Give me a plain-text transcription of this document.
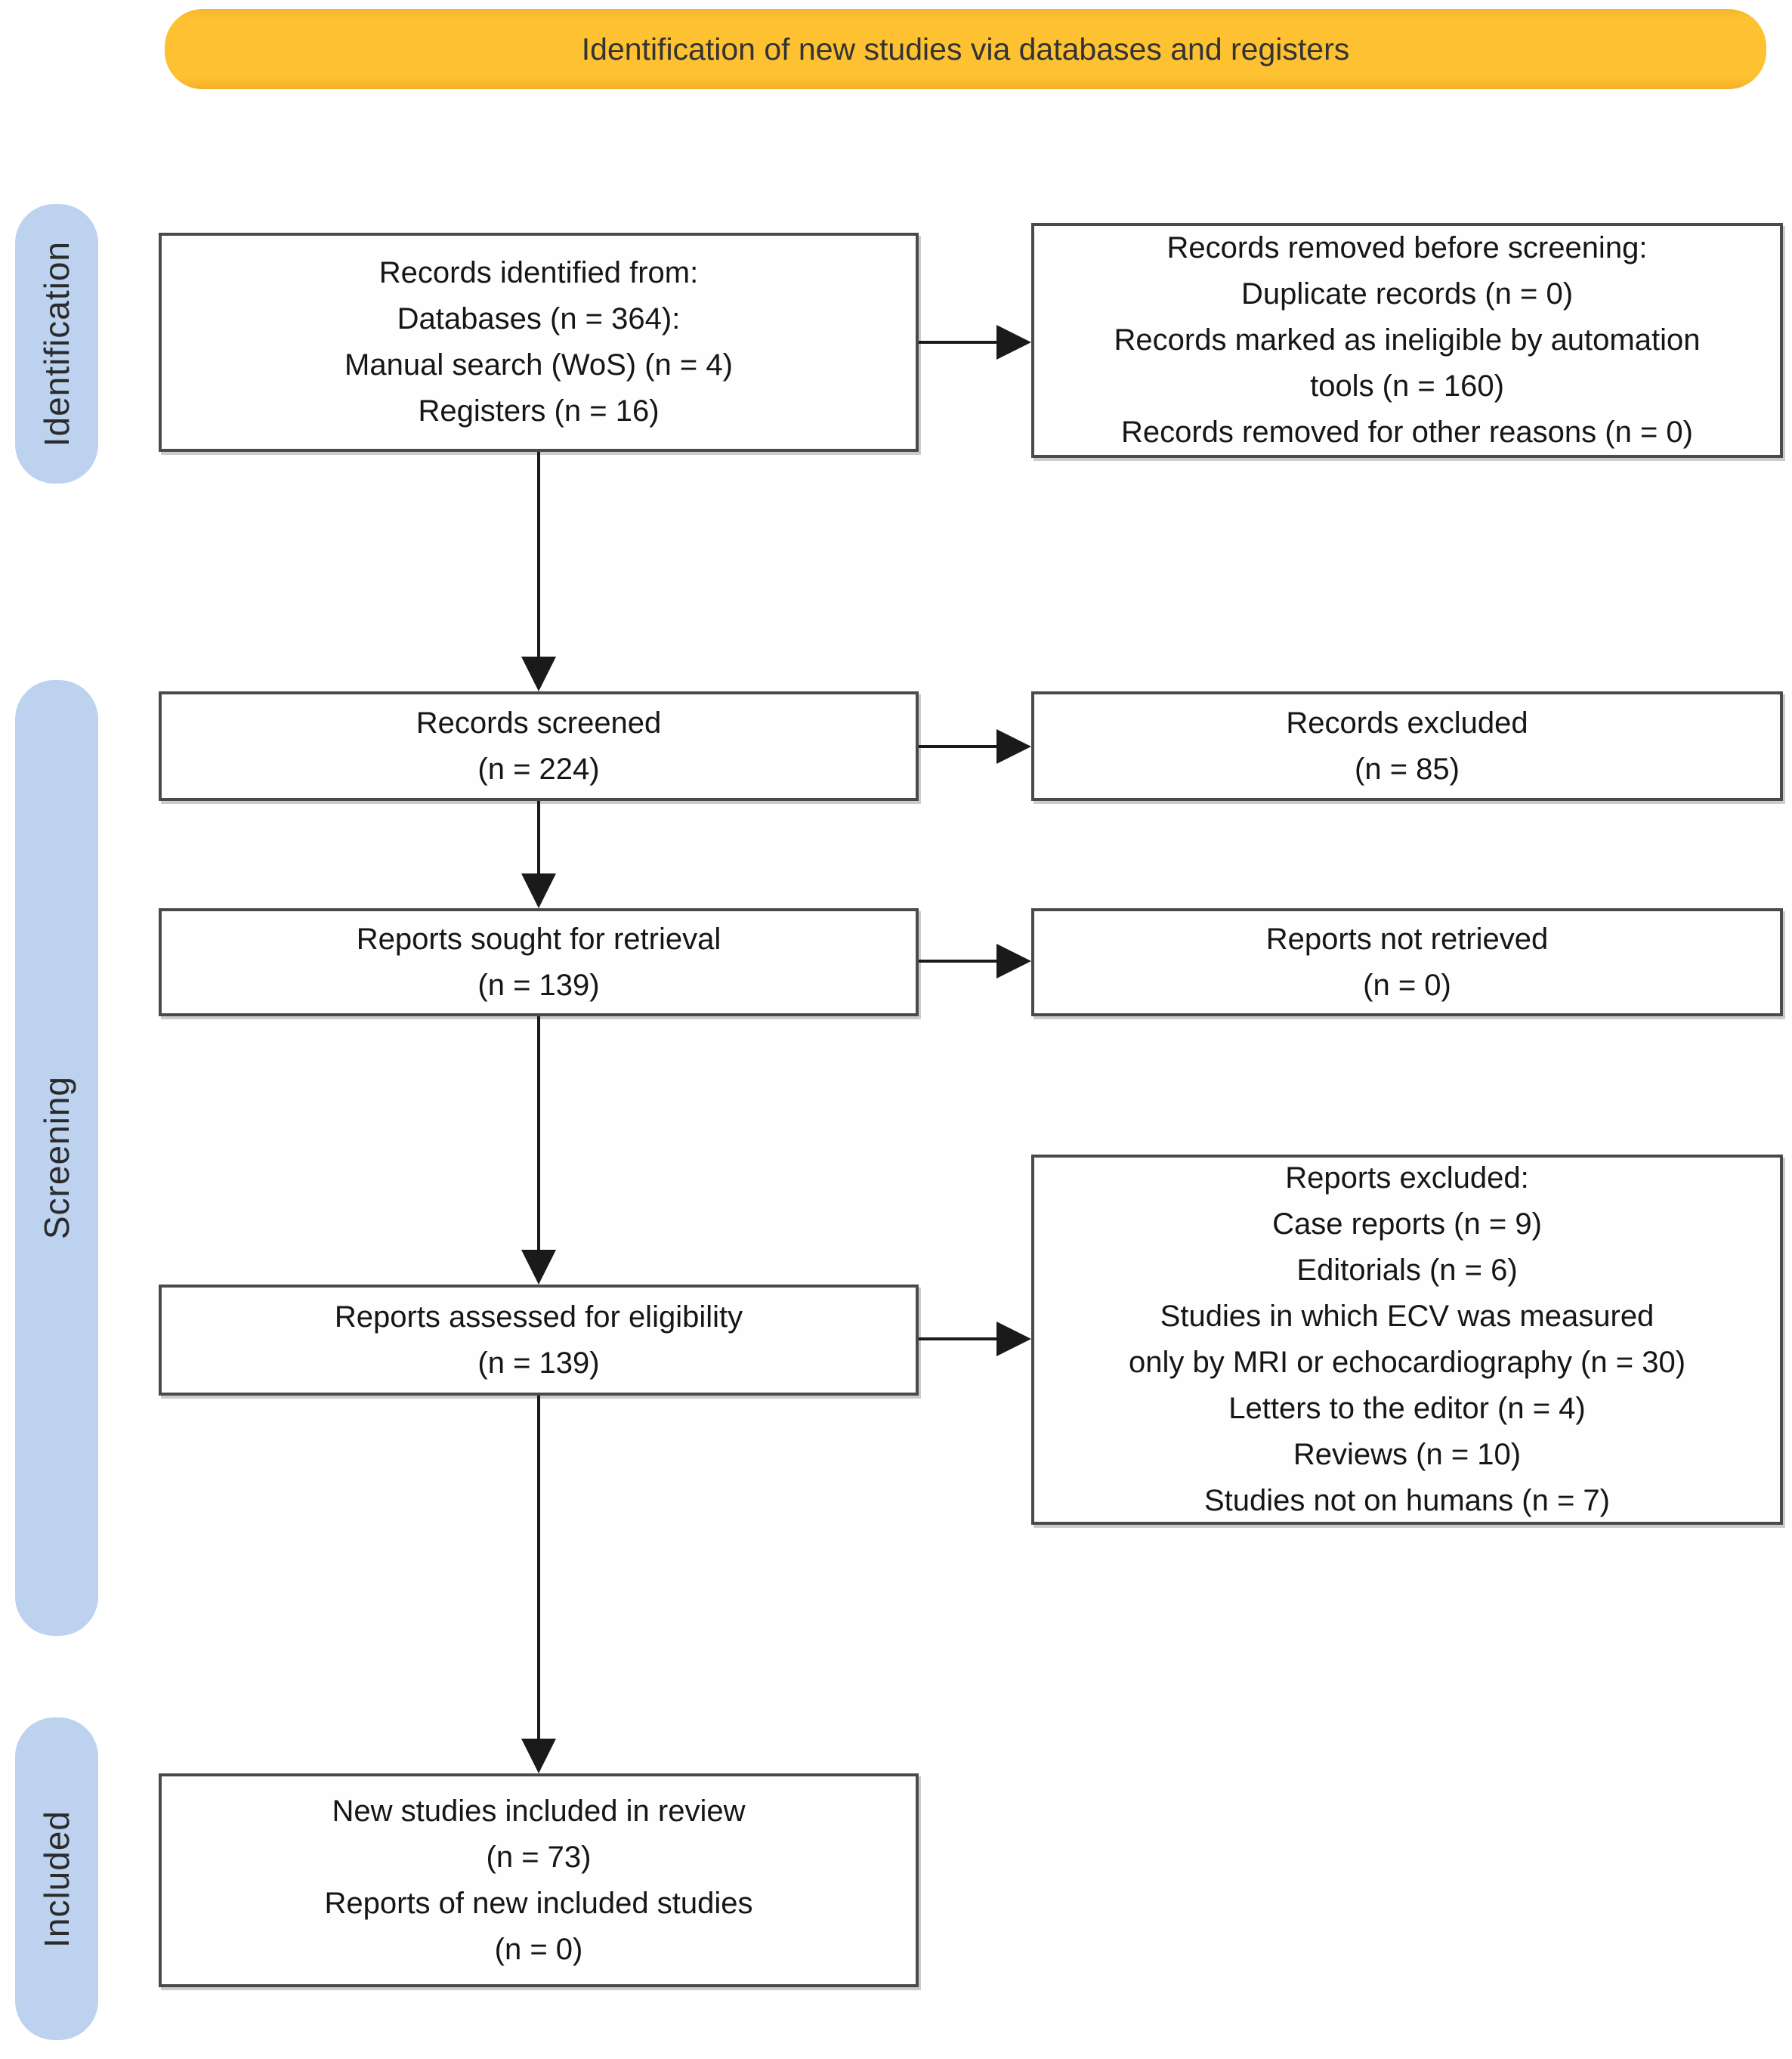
Identification of new studies via databases and registers
Identification
Screening
Included
Records identified from:
Databases (n = 364):
Manual search (WoS) (n = 4)
Registers (n = 16)
Records removed before screening:
Duplicate records (n = 0)
Records marked as ineligible by automation
tools (n = 160)
Records removed for other reasons (n = 0)
Records screened
(n = 224)
Records excluded
(n = 85)
Reports sought for retrieval
(n = 139)
Reports not retrieved
(n = 0)
Reports assessed for eligibility
(n = 139)
Reports excluded:
Case reports (n = 9)
Editorials (n = 6)
Studies in which ECV was measured
only by MRI or echocardiography (n = 30)
Letters to the editor (n = 4)
Reviews (n = 10)
Studies not on humans (n = 7)
New studies included in review
(n = 73)
Reports of new included studies
(n = 0)
